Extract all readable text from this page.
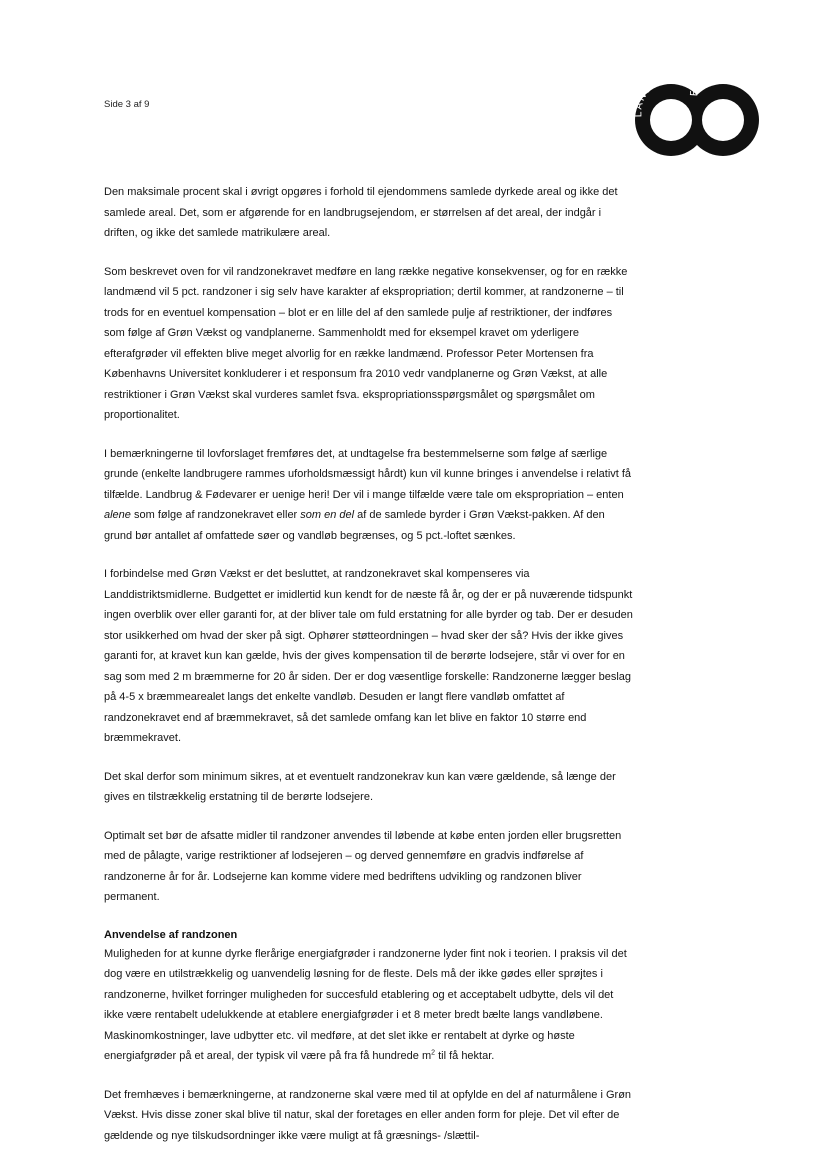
Side 3 af 9
LANDB
FØ

Den maksimale procent skal i øvrigt opgøres i forhold til ejendommens samlede dyrkede areal og ikke det samlede areal. Det, som er afgørende for en landbrugsejendom, er størrelsen af det areal, der indgår i driften, og ikke det samlede matrikulære areal.

Som beskrevet oven for vil randzonekravet medføre en lang række negative konsekvenser, og for en række landmænd vil 5 pct. randzoner i sig selv have karakter af ekspropriation; dertil kommer, at randzonerne – til trods for en eventuel kompensation – blot er en lille del af den samlede pulje af restriktioner, der indføres som følge af Grøn Vækst og vandplanerne. Sammenholdt med for eksempel kravet om yderligere efterafgrøder vil effekten blive meget alvorlig for en række landmænd. Professor Peter Mortensen fra Københavns Universitet konkluderer i et responsum fra 2010 vedr vandplanerne og Grøn Vækst, at alle restriktioner i Grøn Vækst skal vurderes samlet fsva. ekspropriationsspørgsmålet og spørgsmålet om proportionalitet.

I bemærkningerne til lovforslaget fremføres det, at undtagelse fra bestemmelserne som følge af særlige grunde (enkelte landbrugere rammes uforholdsmæssigt hårdt) kun vil kunne bringes i anvendelse i relativt få tilfælde. Landbrug & Fødevarer er uenige heri! Der vil i mange tilfælde være tale om ekspropriation – enten alene som følge af randzonekravet eller som en del af de samlede byrder i Grøn Vækst-pakken. Af den grund bør antallet af omfattede søer og vandløb begrænses, og 5 pct.-loftet sænkes.

I forbindelse med Grøn Vækst er det besluttet, at randzonekravet skal kompenseres via Landdistriktsmidlerne. Budgettet er imidlertid kun kendt for de næste få år, og der er på nuværende tidspunkt ingen overblik over eller garanti for, at der bliver tale om fuld erstatning for alle byrder og tab. Der er desuden stor usikkerhed om hvad der sker på sigt. Ophører støtteordningen – hvad sker der så? Hvis der ikke gives garanti for, at kravet kun kan gælde, hvis der gives kompensation til de berørte lodsejere, står vi over for en sag som med 2 m bræmmerne for 20 år siden. Der er dog væsentlige forskelle: Randzonerne lægger beslag på 4-5 x bræmmearealet langs det enkelte vandløb. Desuden er langt flere vandløb omfattet af randzonekravet end af bræmmekravet, så det samlede omfang kan let blive en faktor 10 større end bræmmekravet.

Det skal derfor som minimum sikres, at et eventuelt randzonekrav kun kan være gældende, så længe der gives en tilstrækkelig erstatning til de berørte lodsejere.

Optimalt set bør de afsatte midler til randzoner anvendes til løbende at købe enten jorden eller brugsretten med de pålagte, varige restriktioner af lodsejeren – og derved gennemføre en gradvis indførelse af randzonerne år for år. Lodsejerne kan komme videre med bedriftens udvikling og randzonen bliver permanent.

Anvendelse af randzonen

Muligheden for at kunne dyrke flerårige energiafgrøder i randzonerne lyder fint nok i teorien. I praksis vil det dog være en utilstrækkelig og uanvendelig løsning for de fleste. Dels må der ikke gødes eller sprøjtes i randzonerne, hvilket forringer muligheden for succesfuld etablering og et acceptabelt udbytte, dels vil det ikke være rentabelt udelukkende at etablere energiafgrøder i et 8 meter bredt bælte langs vandløbene. Maskinomkostninger, lave udbytter etc. vil medføre, at det slet ikke er rentabelt at dyrke og høste energiafgrøder på et areal, der typisk vil være på fra få hundrede $m^2$ til få hektar.

Det fremhæves i bemærkningerne, at randzonerne skal være med til at opfylde en del af naturmålene i Grøn Vækst. Hvis disse zoner skal blive til natur, skal der foretages en eller anden form for pleje. Det vil efter de gældende og nye tilskudsordninger ikke være muligt at få græsnings- /slættil-
